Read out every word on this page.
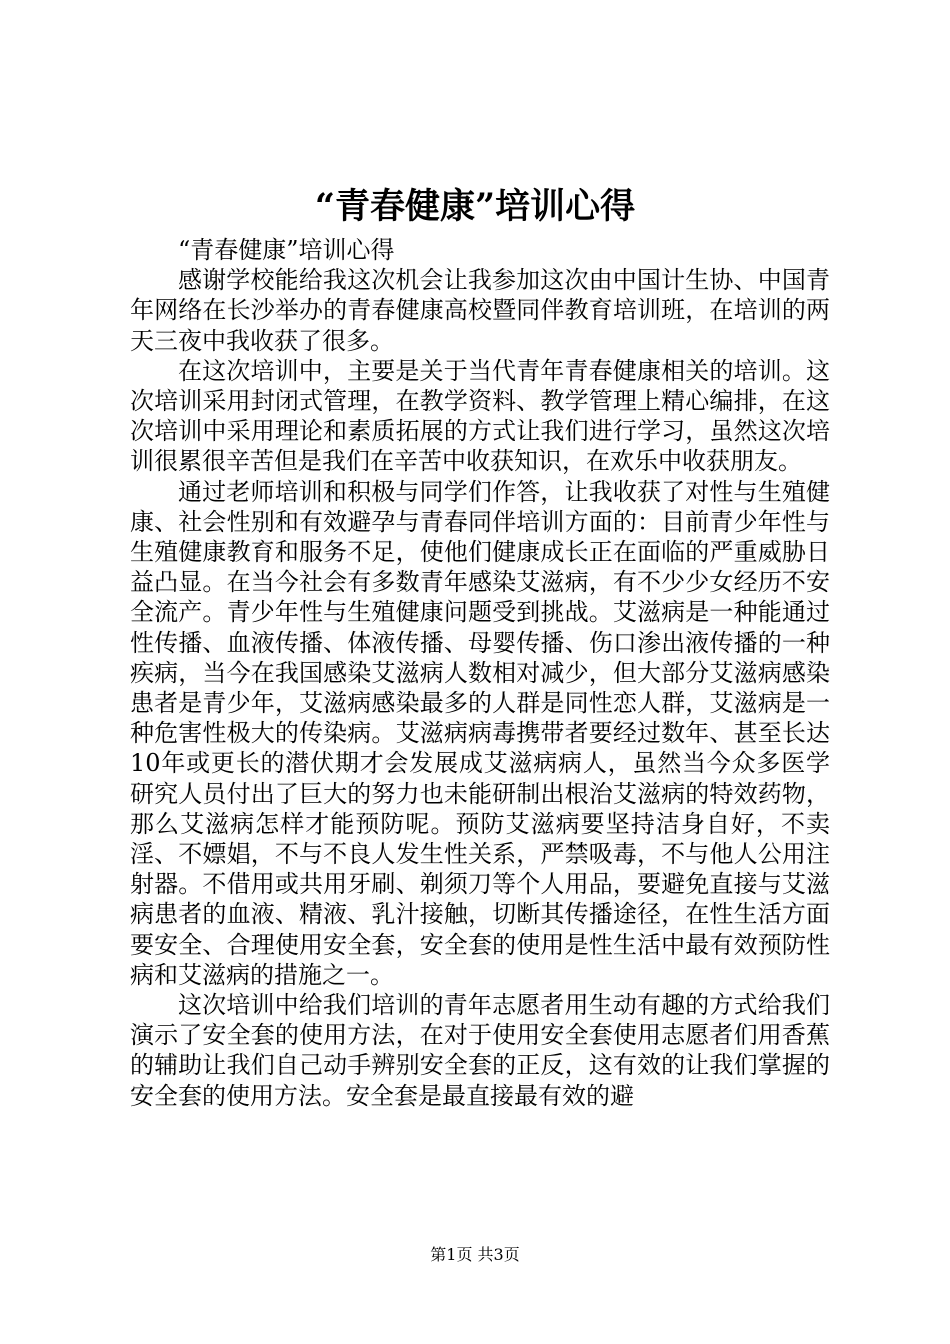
“青春健康”培训心得

“青春健康”培训心得

感谢学校能给我这次机会让我参加这次由中国计生协、中国青年网络在长沙举办的青春健康高校暨同伴教育培训班，在培训的两天三夜中我收获了很多。

在这次培训中，主要是关于当代青年青春健康相关的培训。这次培训采用封闭式管理，在教学资料、教学管理上精心编排，在这次培训中采用理论和素质拓展的方式让我们进行学习，虽然这次培训很累很辛苦但是我们在辛苦中收获知识，在欢乐中收获朋友。

通过老师培训和积极与同学们作答，让我收获了对性与生殖健康、社会性别和有效避孕与青春同伴培训方面的：目前青少年性与生殖健康教育和服务不足，使他们健康成长正在面临的严重威胁日益凸显。在当今社会有多数青年感染艾滋病，有不少少女经历不安全流产。青少年性与生殖健康问题受到挑战。艾滋病是一种能通过性传播、血液传播、体液传播、母婴传播、伤口渗出液传播的一种疾病，当今在我国感染艾滋病人数相对减少，但大部分艾滋病感染患者是青少年，艾滋病感染最多的人群是同性恋人群，艾滋病是一种危害性极大的传染病。艾滋病病毒携带者要经过数年、甚至长达10年或更长的潜伏期才会发展成艾滋病病人，虽然当今众多医学研究人员付出了巨大的努力也未能研制出根治艾滋病的特效药物，那么艾滋病怎样才能预防呢。预防艾滋病要坚持洁身自好，不卖淫、不嫖娼，不与不良人发生性关系，严禁吸毒，不与他人公用注射器。不借用或共用牙刷、剃须刀等个人用品，要避免直接与艾滋病患者的血液、精液、乳汁接触，切断其传播途径，在性生活方面要安全、合理使用安全套，安全套的使用是性生活中最有效预防性病和艾滋病的措施之一。

这次培训中给我们培训的青年志愿者用生动有趣的方式给我们演示了安全套的使用方法，在对于使用安全套使用志愿者们用香蕉的辅助让我们自己动手辨别安全套的正反，这有效的让我们掌握的安全套的使用方法。安全套是最直接最有效的避

第1页 共3页
